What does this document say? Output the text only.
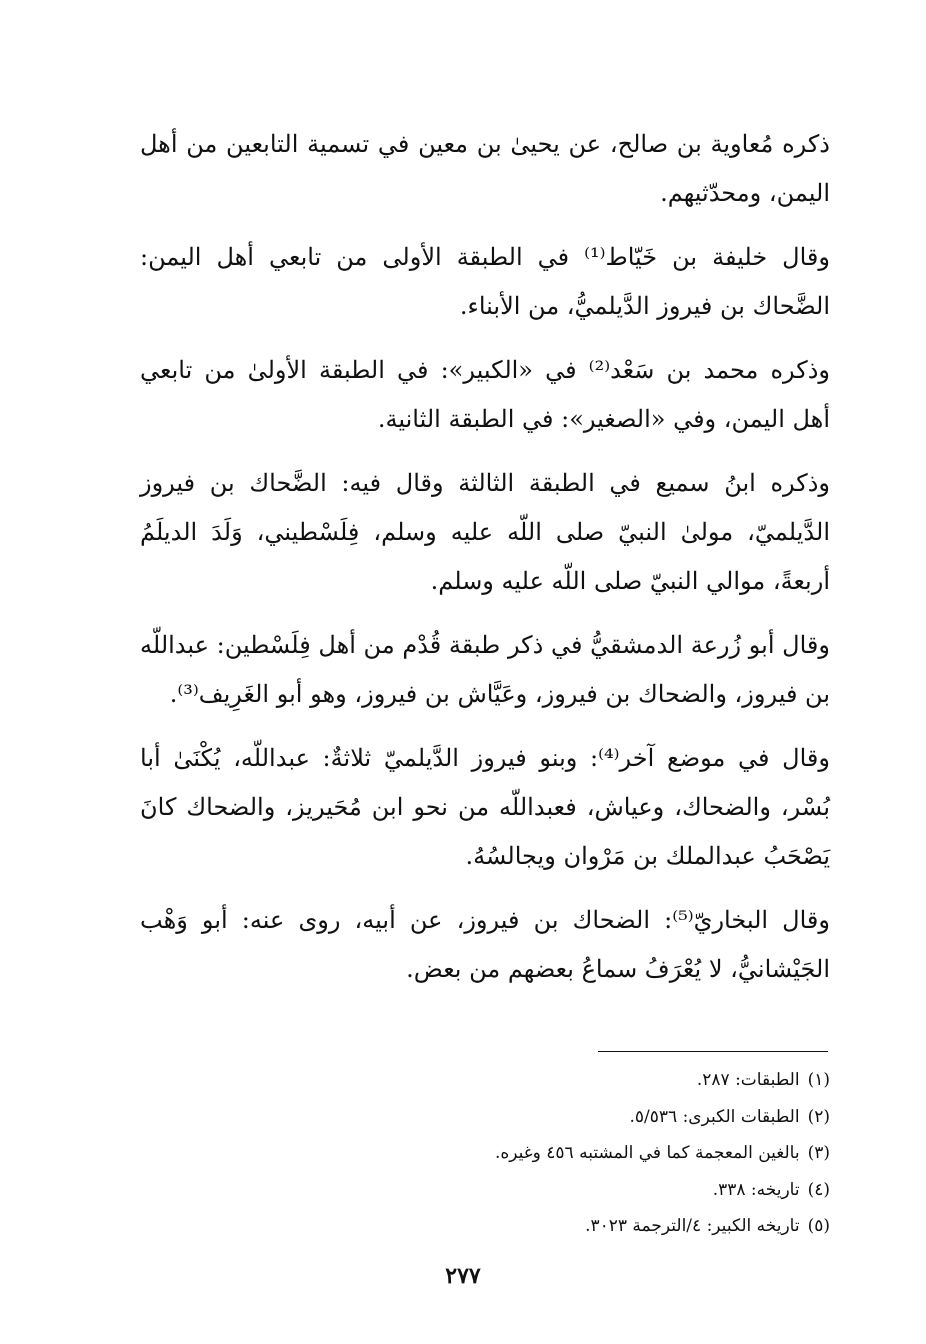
ذكره مُعاوية بن صالح، عن يحيىٰ بن معين في تسمية التابعين من أهل اليمن، ومحدّثيهم.

وقال خليفة بن خَيّاط⁽¹⁾ في الطبقة الأولى من تابعي أهل اليمن: الضَّحاك بن فيروز الدَّيلميُّ، من الأبناء.

وذكره محمد بن سَعْد⁽²⁾ في «الكبير»: في الطبقة الأولىٰ من تابعي أهل اليمن، وفي «الصغير»: في الطبقة الثانية.

وذكره ابنُ سميع في الطبقة الثالثة وقال فيه: الضَّحاك بن فيروز الدَّيلميّ، مولىٰ النبيّ صلى اللّه عليه وسلم، فِلَسْطيني، وَلَدَ الديلَمُ أربعةً، موالي النبيّ صلى اللّه عليه وسلم.

وقال أبو زُرعة الدمشقيُّ في ذكر طبقة قُدْم من أهل فِلَسْطين: عبداللّه بن فيروز، والضحاك بن فيروز، وعَيَّاش بن فيروز، وهو أبو الغَرِيف⁽³⁾.

وقال في موضع آخر⁽⁴⁾: وبنو فيروز الدَّيلميّ ثلاثةٌ: عبداللّه، يُكْنَىٰ أبا بُسْر، والضحاك، وعياش، فعبداللّه من نحو ابن مُحَيريز، والضحاك كانَ يَصْحَبُ عبدالملك بن مَرْوان ويجالسُهُ.

وقال البخاريّ⁽⁵⁾: الضحاك بن فيروز، عن أبيه، روى عنه: أبو وَهْب الجَيْشانيُّ، لا يُعْرَفُ سماعُ بعضهم من بعض.

(١)الطبقات: ٢٨٧.
(٢)الطبقات الكبرى: ٥/٥٣٦.
(٣)بالغين المعجمة كما في المشتبه ٤٥٦ وغيره.
(٤)تاريخه: ٣٣٨.
(٥)تاريخه الكبير: ٤/الترجمة ٣٠٢٣.
٢٧٧
